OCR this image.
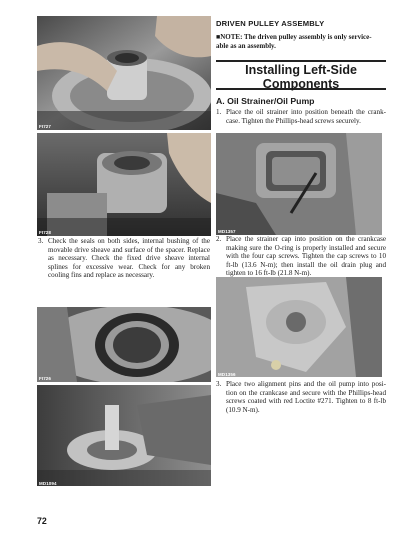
FI727
FI728
3. Check the seals on both sides, internal bushing of the movable drive sheave and surface of the spacer. Replace as necessary. Check the fixed drive sheave internal splines for excessive wear. Check for any broken cooling fins and replace as necessary.
FI726
MD1094
72
DRIVEN PULLEY ASSEMBLY
■NOTE: The driven pulley assembly is only service-
able as an assembly.
Installing Left-Side
Components
A. Oil Strainer/Oil Pump
1. Place the oil strainer into position beneath the crank-case. Tighten the Phillips-head screws securely.
MD1357
2. Place the strainer cap into position on the crankcase making sure the O-ring is properly installed and secure with the four cap screws. Tighten the cap screws to 10 ft-lb (13.6 N-m); then install the oil drain plug and tighten to 16 ft-lb (21.8 N-m).
MD1356
3. Place two alignment pins and the oil pump into posi-tion on the crankcase and secure with the Phillips-head screws coated with red Loctite #271. Tighten to 8 ft-lb (10.9 N-m).
